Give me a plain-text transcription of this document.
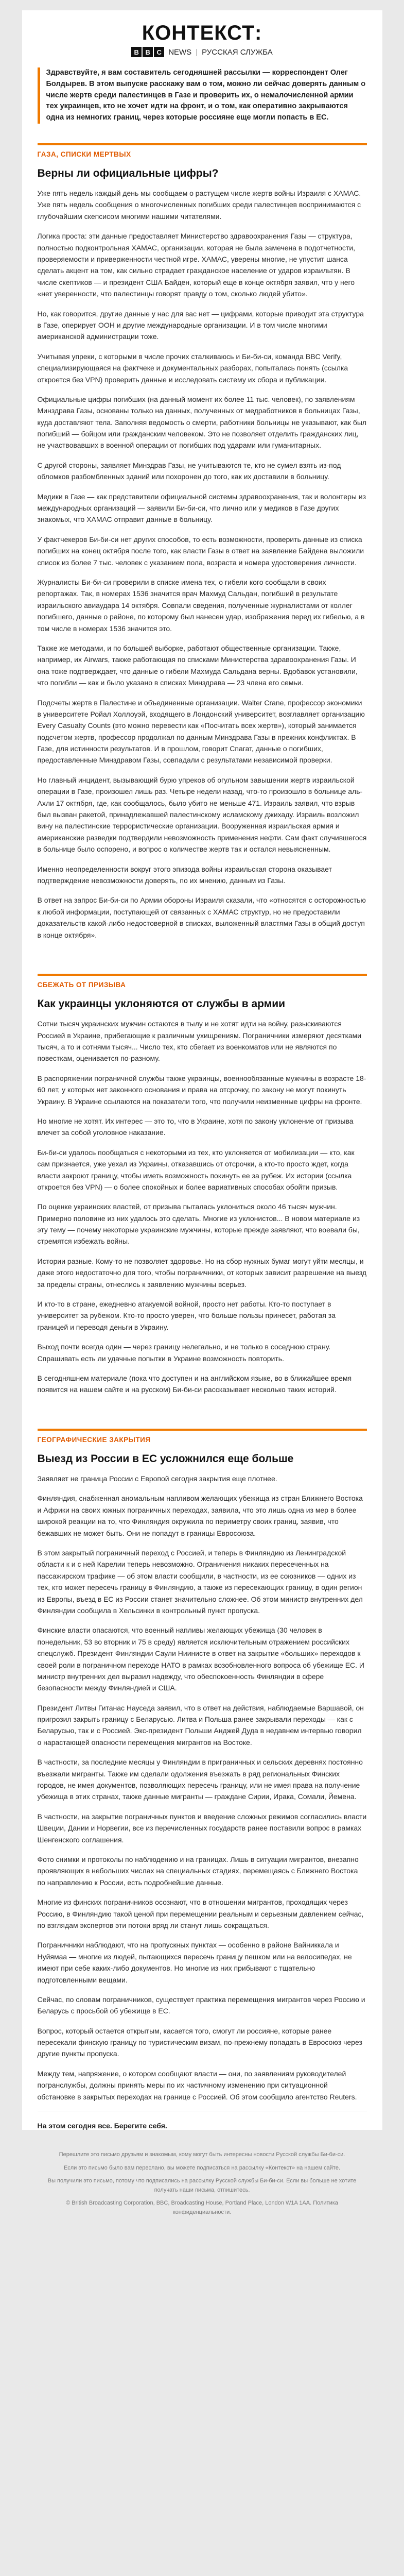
КОНТЕКСТ:
B B C NEWS | РУССКАЯ СЛУЖБА
Здравствуйте, я вам составитель сегодняшней рассылки — корреспондент Олег Болдырев. В этом выпуске расскажу вам о том, можно ли сейчас доверять данным о числе жертв среди палестинцев в Газе и проверить их, о немалочисленной армии тех украинцев, кто не хочет идти на фронт, и о том, как оперативно закрываются одна из немногих границ, через которые россияне еще могли попасть в ЕС.
ГАЗА, СПИСКИ МЕРТВЫХ
Верны ли официальные цифры?

Уже пять недель каждый день мы сообщаем о растущем числе жертв войны Израиля с ХАМАС. Уже пять недель сообщения о многочисленных погибших среди палестинцев воспринимаются с глубочайшим скепсисом многими нашими читателями.

Логика проста: эти данные предоставляет Министерство здравоохранения Газы — структура, полностью подконтрольная ХАМАС, организации, которая не была замечена в подотчетности, проверяемости и приверженности честной игре. ХАМАС, уверены многие, не упустит шанса сделать акцент на том, как сильно страдает гражданское население от ударов израильтян. В числе скептиков — и президент США Байден, который еще в конце октября заявил, что у него «нет уверенности, что палестинцы говорят правду о том, сколько людей убито».

Но, как говорится, другие данные у нас для вас нет — цифрами, которые приводит эта структура в Газе, оперирует ООН и другие международные организации. И в том числе многими американской администрации тоже.

Учитывая упреки, с которыми в числе прочих сталкиваюсь и Би-би-си, команда BBC Verify, специализирующаяся на фактчеке и документальных разборах, попыталась понять (ссылка откроется без VPN) проверить данные и исследовать систему их сбора и публикации.

Официальные цифры погибших (на данный момент их более 11 тыс. человек), по заявлениям Минздрава Газы, основаны только на данных, полученных от медработников в больницах Газы, куда доставляют тела. Заполняя ведомость о смерти, работники больницы не указывают, как был погибший — бойцом или гражданским человеком. Это не позволяет отделить гражданских лиц, не участвовавших в военной операции от погибших под ударами или гуманитарных.

С другой стороны, заявляет Минздрав Газы, не учитываются те, кто не сумел взять из-под обломков разбомбленных зданий или похоронен до того, как их доставили в больницу.

Медики в Газе — как представители официальной системы здравоохранения, так и волонтеры из международных организаций — заявили Би-би-си, что лично или у медиков в Газе других знакомых, что ХАМАС отправит данные в больницу.

У фактчекеров Би-би-си нет других способов, то есть возможности, проверить данные из списка погибших на конец октября после того, как власти Газы в ответ на заявление Байдена выложили список из более 7 тыс. человек с указанием пола, возраста и номера удостоверения личности.

Журналисты Би-би-си проверили в списке имена тех, о гибели кого сообщали в своих репортажах. Так, в номерах 1536 значится врач Махмуд Сальдан, погибший в результате израильского авиаудара 14 октября. Совпали сведения, полученные журналистами от коллег погибшего, данные о районе, по которому был нанесен удар, изображения перед их гибелью, а в том числе в номерах 1536 значится это.

Также же методами, и по большей выборке, работают общественные организации. Также, например, их Airwars, также работающая по списками Министерства здравоохранения Газы. И она тоже подтверждает, что данные о гибели Махмуда Сальдана верны. Вдобавок установили, что погибли — как и было указано в списках Минздрава — 23 члена его семьи.

Подсчеты жертв в Палестине и объединенные организации. Walter Crane, профессор экономики в университете Ройал Холлоуэй, входящего в Лондонский университет, возглавляет организацию Every Casualty Counts (это можно перевести как «Посчитать всех жертв»), который занимается подсчетом жертв, профессор продолжал по данным Минздрава Газы в прежних конфликтах. В Газе, для истинности результатов. И в прошлом, говорит Спагат, данные о погибших, предоставленные Минздравом Газы, совпадали с результатами независимой проверки.

Но главный инцидент, вызывающий бурю упреков об огульном завышении жертв израильской операции в Газе, произошел лишь раз. Четыре недели назад, что-то произошло в больнице аль-Ахли 17 октября, где, как сообщалось, было убито не меньше 471. Израиль заявил, что взрыв был вызван ракетой, принадлежавшей палестинскому исламскому джихаду. Израиль возложил вину на палестинские террористические организации. Вооруженная израильская армия и американские разведки подтвердили невозможность применения нефти. Сам факт случившегося в больнице было оспорено, и вопрос о количестве жертв так и остался невыясненным.

Именно неопределенности вокруг этого эпизода войны израильская сторона оказывает подтверждение невозможности доверять, по их мнению, данным из Газы.

В ответ на запрос Би-би-си по Армии обороны Израиля сказали, что «относятся с осторожностью к любой информации, поступающей от связанных с ХАМАС структур, но не предоставили доказательств какой-либо недостоверной в списках, выложенный властями Газы в общий доступ в конце октября».

СБЕЖАТЬ ОТ ПРИЗЫВА
Как украинцы уклоняются от службы в армии

Сотни тысяч украинских мужчин остаются в тылу и не хотят идти на войну, разыскиваются Россией в Украине, прибегающие к различным ухищрениям. Пограничники измеряют десятками тысяч, а то и сотнями тысяч... Число тех, кто сбегает из военкоматов или не являются по повесткам, оценивается по-разному.

В распоряжении пограничной службы также украинцы, военнообязанные мужчины в возрасте 18-60 лет, у которых нет законного основания и права на отсрочку, по закону не могут покинуть Украину. В Украине ссылаются на показатели того, что получили неизменные цифры на фронте.

Но многие не хотят. Их интерес — это то, что в Украине, хотя по закону уклонение от призыва влечет за собой уголовное наказание.

Би-би-си удалось пообщаться с некоторыми из тех, кто уклоняется от мобилизации — кто, как сам признается, уже уехал из Украины, отказавшись от отсрочки, а кто-то просто ждет, когда власти закроют границу, чтобы иметь возможность покинуть ее за рубеж. Их истории (ссылка откроется без VPN) — о более спокойных и более вариативных способах обойти призыв.

По оценке украинских властей, от призыва пыталась уклониться около 46 тысяч мужчин. Примерно половине из них удалось это сделать. Многие из уклонистов... В новом материале из эту тему — почему некоторые украинские мужчины, которые прежде заявляют, что воевали бы, стремятся избежать войны.

Истории разные. Кому-то не позволяет здоровье. Но на сбор нужных бумаг могут уйти месяцы, и даже этого недостаточно для того, чтобы пограничники, от которых зависит разрешение на выезд за пределы страны, отнеслись к заявлению мужчины всерьез.

И кто-то в стране, ежедневно атакуемой войной, просто нет работы. Кто-то поступает в университет за рубежом. Кто-то просто уверен, что больше пользы принесет, работая за границей и переводя деньги в Украину.

Выход почти всегда один — через границу нелегально, и не только в соседнюю страну. Спрашивать есть ли удачные попытки в Украине возможность повторить.

В сегодняшнем материале (пока что доступен и на английском языке, во в ближайшее время появится на нашем сайте и на русском) Би-би-си рассказывает несколько таких историй.

ГЕОГРАФИЧЕСКИЕ ЗАКРЫТИЯ
Выезд из России в ЕС усложнился еще больше

Заявляет не граница России с Европой сегодня закрытия еще плотнее.

Финляндия, снабженная аномальным напливом желающих убежища из стран Ближнего Востока и Африки на своих южных пограничных переходах, заявила, что это лишь одна из мер в более широкой реакции на то, что Финляндия окружила по периметру своих границ, заявив, что бежавших не может быть. Они не попадут в границы Евросоюза.

В этом закрытый пограничный переход с Россией, и теперь в Финляндию из Ленинградской области к и с ней Карелии теперь невозможно. Ограничения никаких пересеченных на пассажирском трафике — об этом власти сообщили, в частности, из ее союзников — одних из тех, кто может пересечь границу в Финляндию, а также из пересекающих границу, в один регион из Европы, въезд в ЕС из России станет значительно сложнее. Об этом министр внутренних дел Финляндии сообщила в Хельсинки в контрольный пункт пропуска.

Финские власти опасаются, что военный напливы желающих убежища (30 человек в понедельник, 53 во вторник и 75 в среду) является исключительным отражением российских спецслужб. Президент Финляндии Саули Ниинисте в ответ на закрытие «больших» переходов к своей роли в пограничном переходе НАТО в рамках возобновленного вопроса об убежище ЕС. И министр внутренних дел выразил надежду, что обеспокоенность Финляндии в сфере безопасности между Финляндией и США.

Президент Литвы Гитанас Науседа заявил, что в ответ на действия, наблюдаемые Варшавой, он пригрозил закрыть границу с Беларусью. Литва и Польша ранее закрывали переходы — как с Беларусью, так и с Россией. Экс-президент Польши Анджей Дуда в недавнем интервью говорил о нарастающей опасности перемещения мигрантов на Востоке.

В частности, за последние месяцы у Финляндии в приграничных и сельских деревнях постоянно въезжали мигранты. Также им сделали одолжения въезжать в ряд региональных Финских городов, не имея документов, позволяющих пересечь границу, или не имея права на получение убежища в этих странах, также данные мигранты — граждане Сирии, Ирака, Сомали, Йемена.

В частности, на закрытие пограничных пунктов и введение сложных режимов согласились власти Швеции, Дании и Норвегии, все из перечисленных государств ранее поставили вопрос в рамках Шенгенского соглашения.

Фото снимки и протоколы по наблюдению и на границах. Лишь в ситуации мигрантов, внезапно проявляющих в небольших числах на специальных стадиях, перемещаясь с Ближнего Востока по направлению к России, есть подробнейшие данные.

Многие из финских пограничников осознают, что в отношении мигрантов, проходящих через Россию, в Финляндию такой ценой при перемещении реальным и серьезным давлением сейчас, по взглядам экспертов эти потоки вряд ли станут лишь сокращаться.

Пограничники наблюдают, что на пропускных пунктах — особенно в районе Вайниккала и Нуйямаа — многие из людей, пытающихся пересечь границу пешком или на велосипедах, не имеют при себе каких-либо документов. Но многие из них прибывают с тщательно подготовленными вещами.

Сейчас, по словам пограничников, существует практика перемещения мигрантов через Россию и Беларусь с просьбой об убежище в ЕС.

Вопрос, который остается открытым, касается того, смогут ли россияне, которые ранее пересекали финскую границу по туристическим визам, по-прежнему попадать в Евросоюз через другие пункты пропуска.

Между тем, напряжение, о котором сообщают власти — они, по заявлениям руководителей погранслужбы, должны принять меры по их частичному изменению при ситуационной обстановке в закрытых переходах на границе с Россией. Об этом сообщило агентство Reuters.

На этом сегодня все. Берегите себя.

Перешлите это письмо друзьям и знакомым, кому могут быть интересны новости Русской службы Би-би-си.

Если это письмо было вам переслано, вы можете подписаться на рассылку «Контекст» на нашем сайте.

Вы получили это письмо, потому что подписались на рассылку Русской службы Би-би-си. Если вы больше не хотите получать наши письма, отпишитесь.

© British Broadcasting Corporation, BBC, Broadcasting House, Portland Place, London W1A 1AA. Политика конфиденциальности.
